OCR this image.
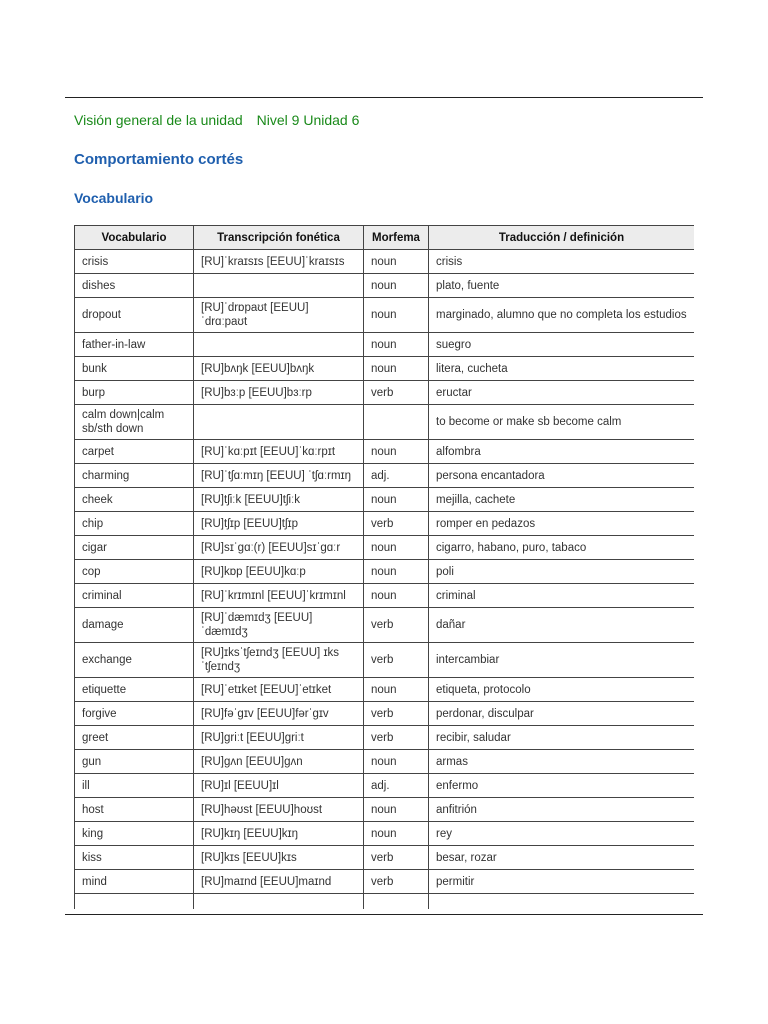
Visión general de la unidad Nivel 9 Unidad 6
Comportamiento cortés
Vocabulario
Vocabulario	Transcripción fonética	Morfema	Traducción / definición
crisis	[RU]ˈkraɪsɪs [EEUU]ˈkraɪsɪs	noun	crisis
dishes		noun	plato, fuente
dropout	[RU]ˈdrɒpaʊt [EEUU] ˈdrɑːpaʊt	noun	marginado, alumno que no completa los estudios
father-in-law		noun	suegro
bunk	[RU]bʌŋk [EEUU]bʌŋk	noun	litera, cucheta
burp	[RU]bɜːp [EEUU]bɜːrp	verb	eructar
calm down|calm sb/sth down			to become or make sb become calm
carpet	[RU]ˈkɑːpɪt [EEUU]ˈkɑːrpɪt	noun	alfombra
charming	[RU]ˈtʃɑːmɪŋ [EEUU] ˈtʃɑːrmɪŋ	adj.	persona encantadora
cheek	[RU]tʃiːk [EEUU]tʃiːk	noun	mejilla, cachete
chip	[RU]tʃɪp [EEUU]tʃɪp	verb	romper en pedazos
cigar	[RU]sɪˈɡɑː(r) [EEUU]sɪˈɡɑːr	noun	cigarro, habano, puro, tabaco
cop	[RU]kɒp [EEUU]kɑːp	noun	poli
criminal	[RU]ˈkrɪmɪnl [EEUU]ˈkrɪmɪnl	noun	criminal
damage	[RU]ˈdæmɪdʒ [EEUU] ˈdæmɪdʒ	verb	dañar
exchange	[RU]ɪksˈtʃeɪndʒ [EEUU] ɪksˈtʃeɪndʒ	verb	intercambiar
etiquette	[RU]ˈetɪket [EEUU]ˈetɪket	noun	etiqueta, protocolo
forgive	[RU]fəˈɡɪv [EEUU]fərˈɡɪv	verb	perdonar, disculpar
greet	[RU]ɡriːt [EEUU]ɡriːt	verb	recibir, saludar
gun	[RU]ɡʌn [EEUU]ɡʌn	noun	armas
ill	[RU]ɪl [EEUU]ɪl	adj.	enfermo
host	[RU]həʊst [EEUU]hoʊst	noun	anfitrión
king	[RU]kɪŋ [EEUU]kɪŋ	noun	rey
kiss	[RU]kɪs [EEUU]kɪs	verb	besar, rozar
mind	[RU]maɪnd [EEUU]maɪnd	verb	permitir
